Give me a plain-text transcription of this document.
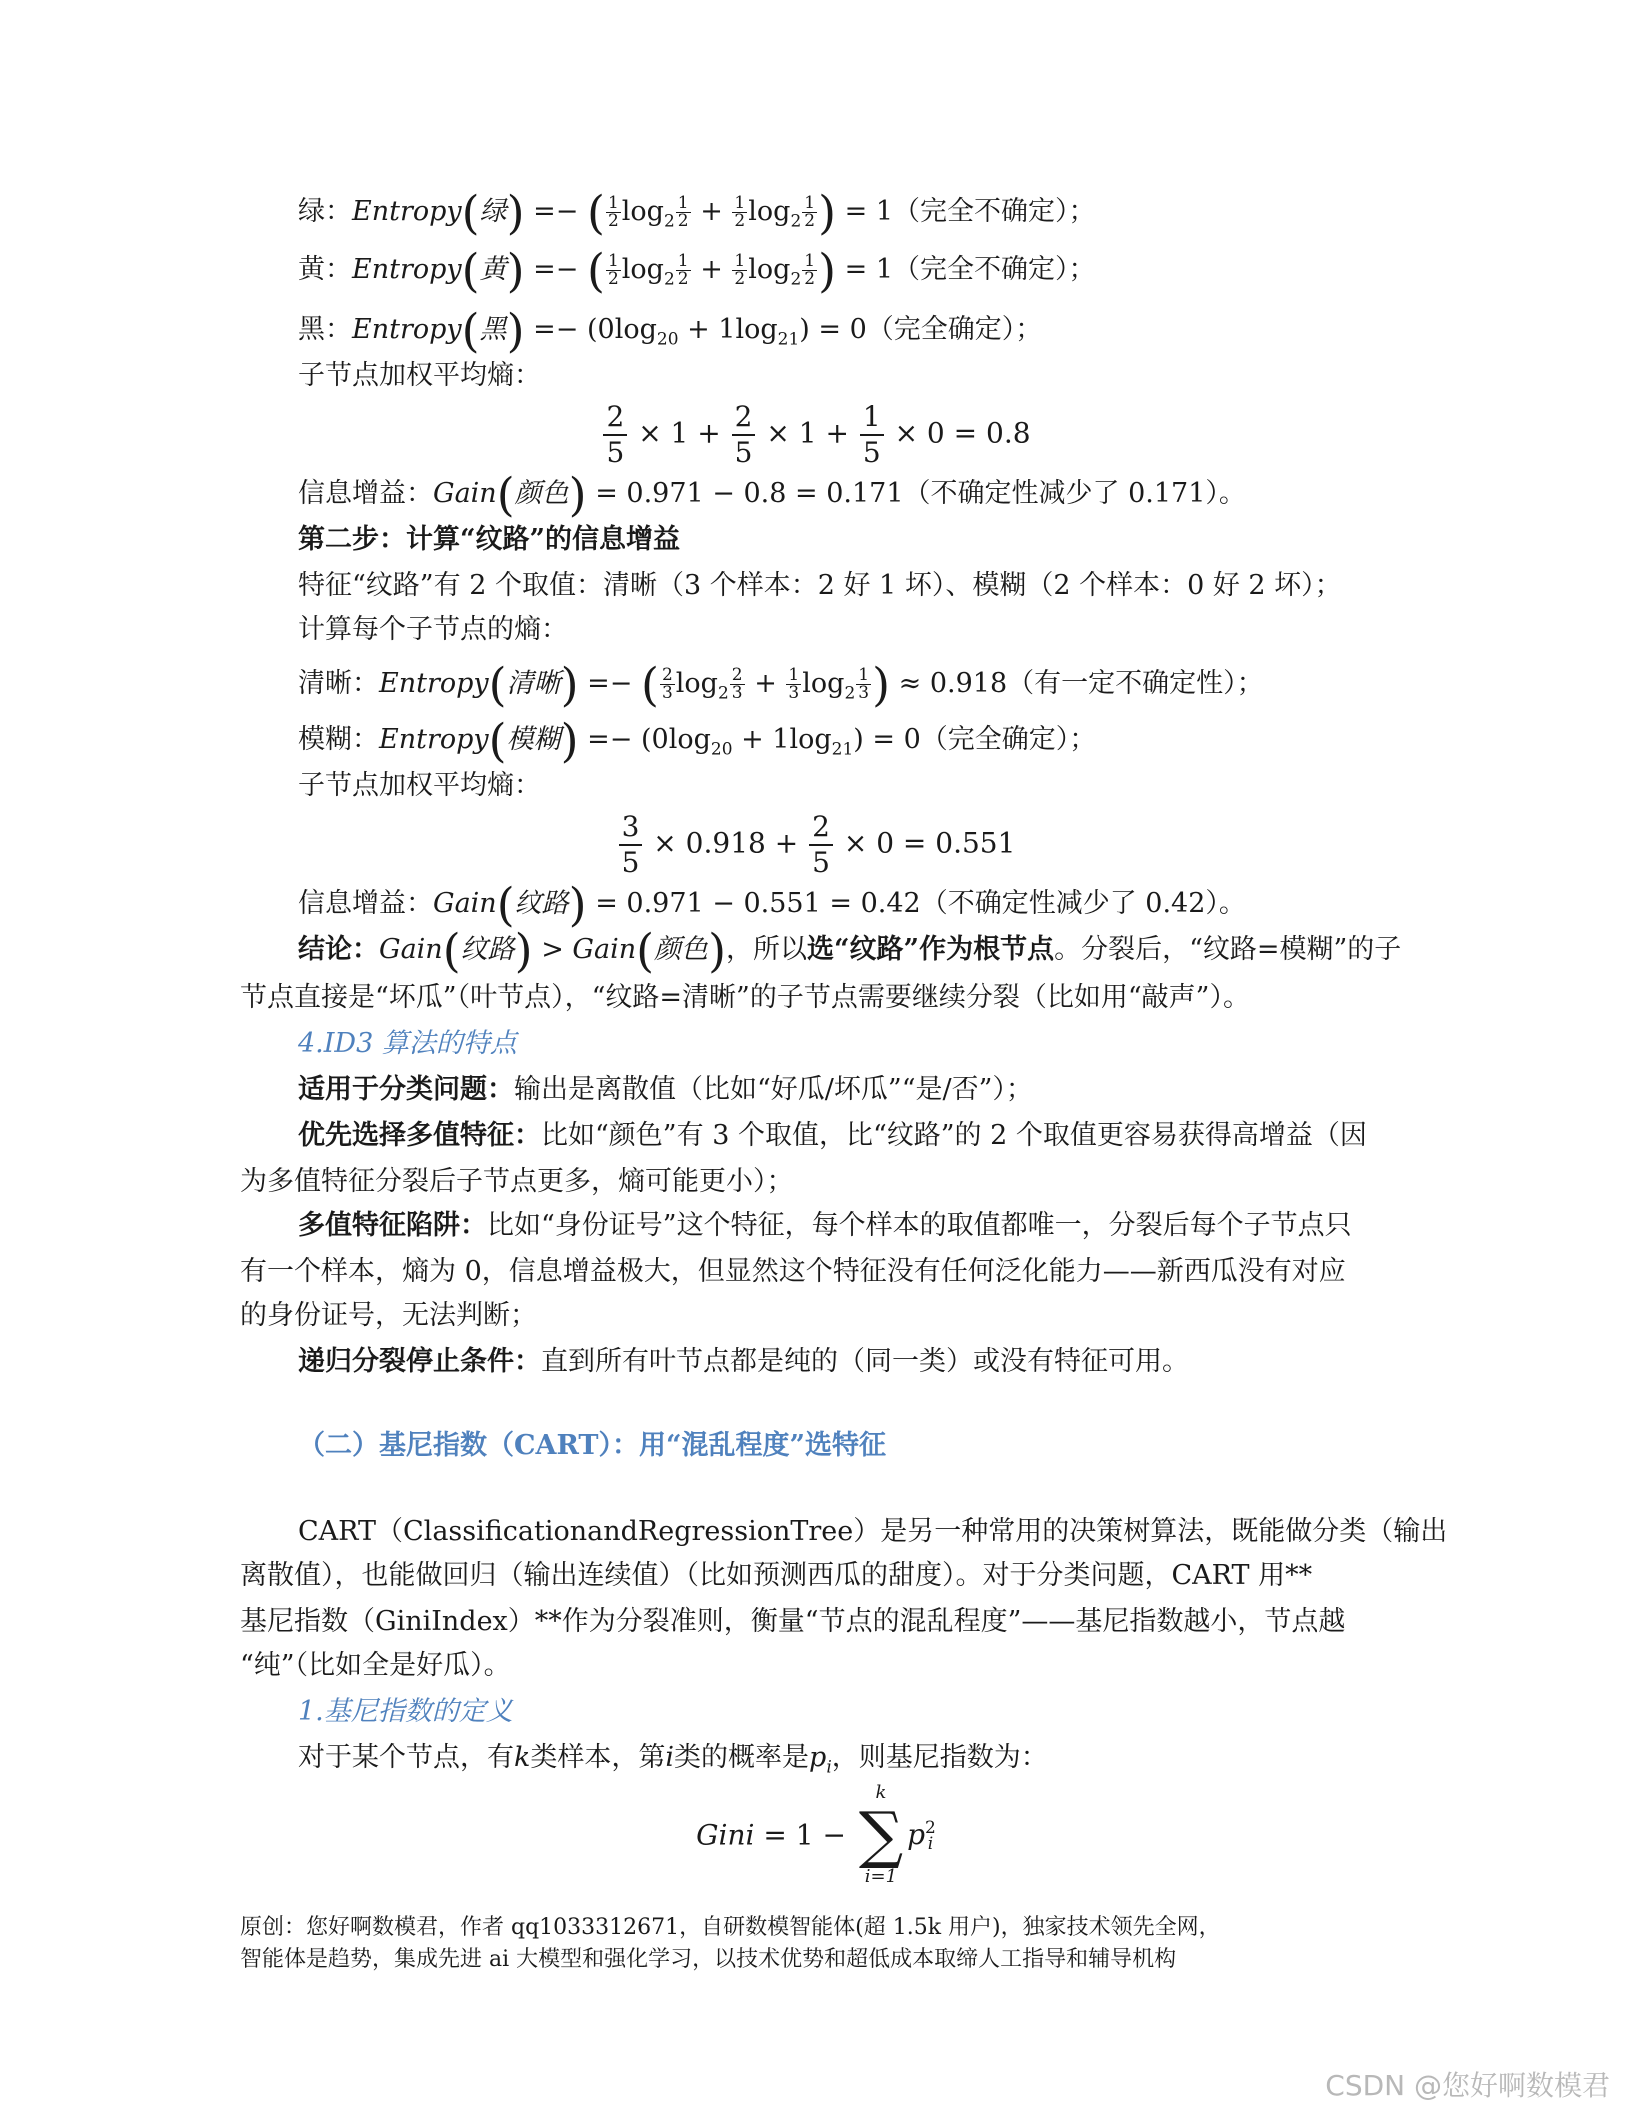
绿：Entropy(绿) =− ( $\frac{1}{2} \log_2 \frac{1}{2} + \frac{1}{2} \log_2 \frac{1}{2}$ ) = 1（完全不确定）；
黄：Entropy(黄) =− ( $\frac{1}{2} \log_2 \frac{1}{2} + \frac{1}{2} \log_2 \frac{1}{2}$ ) = 1（完全不确定）；
黑：Entropy(黑) =− $(0\log_{20} + 1\log_{21}) = 0$（完全确定）；
子节点加权平均熵：
$\frac{2}{5} \times 1 + \frac{2}{5} \times 1 + \frac{1}{5} \times 0 = 0.8$
信息增益：Gain(颜色) = 0.971 − 0.8 = 0.171（不确定性减少了 0.171）。
第二步：计算“纹路”的信息增益
特征“纹路”有 2 个取值：清晰（3 个样本：2 好 1 坏）、模糊（2 个样本：0 好 2 坏）；
计算每个子节点的熵：
清晰：Entropy(清晰) =− ( $\frac{2}{3} \log_2 \frac{2}{3} + \frac{1}{3} \log_2 \frac{1}{3}$ ) ≈ 0.918（有一定不确定性）；
模糊：Entropy(模糊) =− $(0\log_{20} + 1\log_{21}) = 0$（完全确定）；
子节点加权平均熵：
$\frac{3}{5} \times 0.918 + \frac{2}{5} \times 0 = 0.551$
信息增益：Gain(纹路) = 0.971 − 0.551 = 0.42（不确定性减少了 0.42）。
结论：Gain(纹路) > Gain(颜色)，所以选“纹路”作为根节点。分裂后，“纹路=模糊”的子
节点直接是“坏瓜”（叶节点），“纹路=清晰”的子节点需要继续分裂（比如用“敲声”）。
4.ID3 算法的特点
适用于分类问题：输出是离散值（比如“好瓜/坏瓜”“是/否”）；
优先选择多值特征：比如“颜色”有 3 个取值，比“纹路”的 2 个取值更容易获得高增益（因
为多值特征分裂后子节点更多，熵可能更小）；
多值特征陷阱：比如“身份证号”这个特征，每个样本的取值都唯一，分裂后每个子节点只
有一个样本，熵为 0，信息增益极大，但显然这个特征没有任何泛化能力——新西瓜没有对应
的身份证号，无法判断；
递归分裂停止条件：直到所有叶节点都是纯的（同一类）或没有特征可用。
（二）基尼指数（CART）：用“混乱程度”选特征
CART（ClassificationandRegressionTree）是另一种常用的决策树算法，既能做分类（输出
离散值），也能做回归（输出连续值）（比如预测西瓜的甜度）。对于分类问题，CART 用**
基尼指数（GiniIndex）**作为分裂准则，衡量“节点的混乱程度”——基尼指数越小，节点越
“纯”（比如全是好瓜）。
1.基尼指数的定义
对于某个节点，有k类样本，第i类的概率是$p_i$，则基尼指数为：
Gini = 1 −
k
∑
i=1
p 2
i
原创：您好啊数模君，作者 qq1033312671，自研数模智能体(超 1.5k 用户)，独家技术领先全网，
智能体是趋势，集成先进 ai 大模型和强化学习，以技术优势和超低成本取缔人工指导和辅导机构
CSDN @您好啊数模君
